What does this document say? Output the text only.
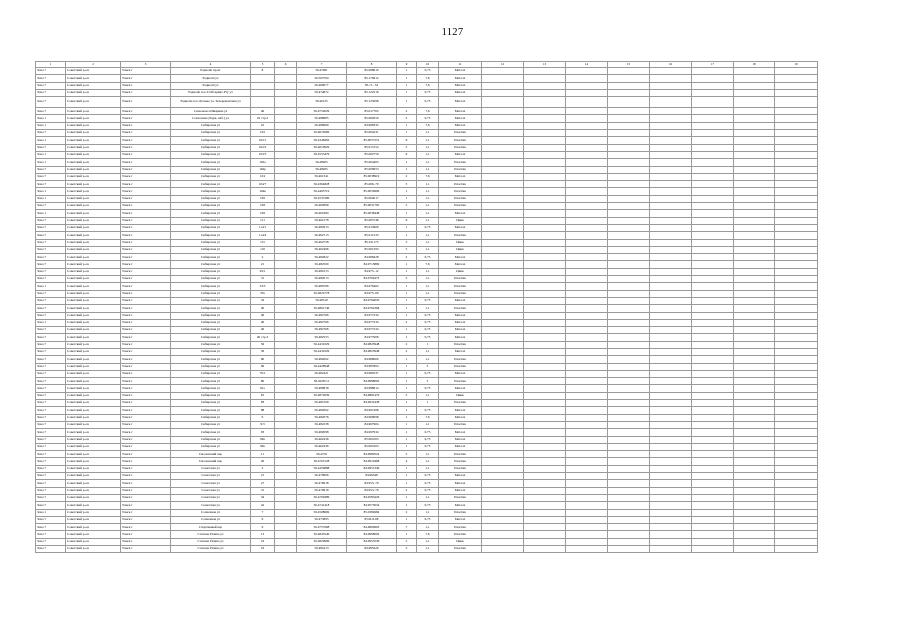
1127
1	2	3	4	5	6	7	8	9	10	11	12	13	14	15	16	17	18	19
Зона 7	Советский р-он	Томск г	Радиопп пр-кт	8		56.47961	85.068610	1	0,75	Металл								
Зона 7	Советский р-он	Томск г	Радиопп ул			56.503794	85.179612	1	7,6	Металл								
Зона 7	Советский р-он	Томск г	Радиопп ул			56.460077	85.1?.. 54	1	7,6	Металл								
Зона 7	Советский р-он	Томск г	Радиопп пос.Г.Обсервит-Рту ул			56.474872	85.122519	1	0,75	Металл								
Зона 7	Советский р-он	Томск г	Радиопп пос.Лесные ул. Телеремонтная ул			56.40125	85.125098	1	0,75	Металл								
Зона 7	Советский р-он	Томск г	Сельскохоз.Шкарина ул	46		56.4752029	85.017702	2	7,6	Металл								
Зона 1	Советский р-он	Томск г	Совхозная (Лодж. наб.) ул	22 стр.2		56.488685	85.069250	2	0,75	Металл								
Зона 1	Советский р-он	Томск г	Сибирская ул	10		56.486960	84.968332	1	7,6	Металл								
Зона 7	Советский р-он	Томск г	Сибирская ул	102		56.4674969	85.004231	1	1,1	Пластик								
Зона 1	Советский р-он	Томск г	Сибирская ул	102/1		56.4348492	85.0057251	6	1,1	Пластик								
Зона 7	Советский р-он	Томск г	Сибирская ул	102/2		56.4619929	85.013154	5	1,1	Пластик								
Зона 1	Советский р-он	Томск г	Сибирская ул	103/3		56.4553479	85.002750	6	1,1	Металл								
Зона 1	Советский р-он	Томск г	Сибирская ул	102а		56.48265	85.004463	1	1,1	Пластик								
Зона 7	Советский р-он	Томск г	Сибирская ул	102р		56.48265	85.000953	1	1,1	Пластик								
Зона 7	Советский р-он	Томск г	Сибирская ул	104		56.461341	85.0038919	2	7,6	Металл								
Зона 7	Советский р-он	Томск г	Сибирская ул	104/7		56.4364828	85.006..79	5	1,1	Пластик								
Зона 1	Советский р-он	Томск г	Сибирская ул	104в		56.4465719	85.0059906	1	1,1	Пластик								
Зона 1	Советский р-он	Томск г	Сибирская ул	106		56.4537280	85.004017	1	1,1	Пластик								
Зона 7	Советский р-он	Томск г	Сибирская ул	108		56.462899	85.0031795	5	1,1	Пластик								
Зона 1	Советский р-он	Томск г	Сибирская ул	109		56.461984	85.0038448	1	1,1	Металл								
Зона 7	Советский р-он	Томск г	Сибирская ул	111		56.462178	85.005748	6	1,1	Цинк								
Зона 7	Советский р-он	Томск г	Сибирская ул	114/1		56.482613	85.013906	1	0,75	Металл								
Зона 7	Советский р-он	Томск г	Сибирская ул	114/4		56.462713	85.012133	1	1,1	Пластик								
Зона 7	Советский р-он	Томск г	Сибирская ул	115		56.462758	85.011173	5	1,1	Цинк								
Зона 7	Советский р-он	Томск г	Сибирская ул	116		56.462496	85.001593	5	1,1	Цинк								
Зона 7	Советский р-он	Томск г	Сибирская ул	2		56.482822	84.968428	2	0,75	Металл								
Зона 7	Советский р-он	Томск г	Сибирская ул	21		56.482509	84.9713869	1	7,6	Металл								
Зона 7	Советский р-он	Томск г	Сибирская ул	29/1		56.481613	84.975..12	1	1,1	Цинк								
Зона 7	Советский р-он	Томск г	Сибирская ул	31		56.482013	84.9704473	5	1,1	Пластик								
Зона 1	Советский р-он	Томск г	Сибирская ул	33/3		56.480706	84.976462	1	1,1	Пластик								
Зона 7	Советский р-он	Томск г	Сибирская ул	33а		56.4822778	84.975..09	1	1,1	Пластик								
Зона 7	Советский р-он	Томск г	Сибирская ул	34		56.48519	84.9764650	1	0,75	Металл								
Зона 7	Советский р-он	Томск г	Сибирская ул	40		56.4801740	84.9762368	1	1,1	Пластик								
Зона 7	Советский р-он	Томск г	Сибирская ул	40		56.482766	84.977234	1	0,75	Металл								
Зона 1	Советский р-он	Томск г	Сибирская ул	40		56.482766	84.977234	2	0,75	Металл								
Зона 7	Советский р-он	Томск г	Сибирская ул	40		56.482766	84.977234	1	0,75	Металл								
Зона 7	Советский р-он	Томск г	Сибирская ул	40 стр.3		56.482553	84.977908	1	0,75	Металл								
Зона 7	Советский р-он	Томск г	Сибирская ул	56		56.4431029	84.9823948	2	1	Пластик								
Зона 7	Советский р-он	Томск г	Сибирская ул	56		56.4431029	84.9823948	2	1,1	Металл								
Зона 7	Советский р-он	Томск г	Сибирская ул	60		56.482002	84.986069	1	1,1	Пластик								
Зона 7	Советский р-он	Томск г	Сибирская ул	66		56.4428948	84.987804	1	5	Пластик								
Зона 7	Советский р-он	Томск г	Сибирская ул	79/1		56.482421	84.984537	1	0,75	Металл								
Зона 7	Советский р-он	Томск г	Сибирская ул	80		56.4526711	84.9988093	1	5	Пластик								
Зона 7	Советский р-он	Томск г	Сибирская ул	81а		56.480818	84.988814	1	0,75	Металл								
Зона 7	Советский р-он	Томск г	Сибирская ул	81		56.4872639	84.9881479	5	1,1	Цинк								
Зона 7	Советский р-он	Томск г	Сибирская ул	83		56.481509	84.9932438	1	1	Пластик								
Зона 7	Советский р-он	Томск г	Сибирская ул	88		56.482002	84.997498	1	0,75	Металл								
Зона 7	Советский р-он	Томск г	Сибирская ул	9		56.482676	84.969098	1	7,6	Металл								
Зона 7	Советский р-он	Томск г	Сибирская ул	9/3		56.482238	84.967904	1	1,1	Пластик								
Зона 7	Советский р-он	Томск г	Сибирская ул	93		56.482098	84.997934	1	0,75	Металл								
Зона 7	Советский р-он	Томск г	Сибирская ул	96а		56.462436	85.001063	1	0,75	Металл								
Зона 7	Советский р-он	Томск г	Сибирская ул	96а		56.462436	85.001063	1	0,75	Металл								
Зона 7	Советский р-он	Томск г	Смоленский пер	11		56.4756	84.9989524	5	1,1	Пластик								
Зона 7	Советский р-он	Томск г	Смоленский пер	20		56.4761528	84.9919498	4	1,1	Пластик								
Зона 7	Советский р-он	Томск г	Советская ул	2		56.4459888	84.9951349	1	1,1	Пластик								
Зона 7	Советский р-он	Томск г	Советская ул	21		56.479906	84.96348	1	0,75	Металл								
Зона 7	Советский р-он	Томск г	Советская ул	27		56.479618	84.953..79	1	0,75	Металл								
Зона 7	Советский р-он	Томск г	Советская ул	31		56.479619	84.953..79	2	0,75	Металл								
Зона 7	Советский р-он	Томск г	Советская ул	34		56.4709489	84.9583426	1	1,1	Пластик								
Зона 7	Советский р-он	Томск г	Советская ул	42		56.4741418	84.9573034	1	0,75	Металл								
Зона 1	Советский р-он	Томск г	Солнечная ул	7		56.4508669	85.0384984	2	1,1	Пластик								
Зона 7	Советский р-он	Томск г	Солнечная ул	9		56.475895	85.0U2.68	1	0,75	Металл								
Зона 7	Советский р-он	Томск г	Спортивный пер	9		56.4757998	84.9890903	7	1,1	Пластик								
Зона 7	Советский р-он	Томск г	Степана Разина ул	13		56.4845540	84.9968092	1	7,6	Пластик								
Зона 7	Советский р-он	Томск г	Степана Разина ул	19		56.4829909	84.9953539	5	1,1	Цинк								
Зона 7	Советский р-он	Томск г	Степана Разина ул	19		56.482413	84.985420	5	1,1	Пластик								
